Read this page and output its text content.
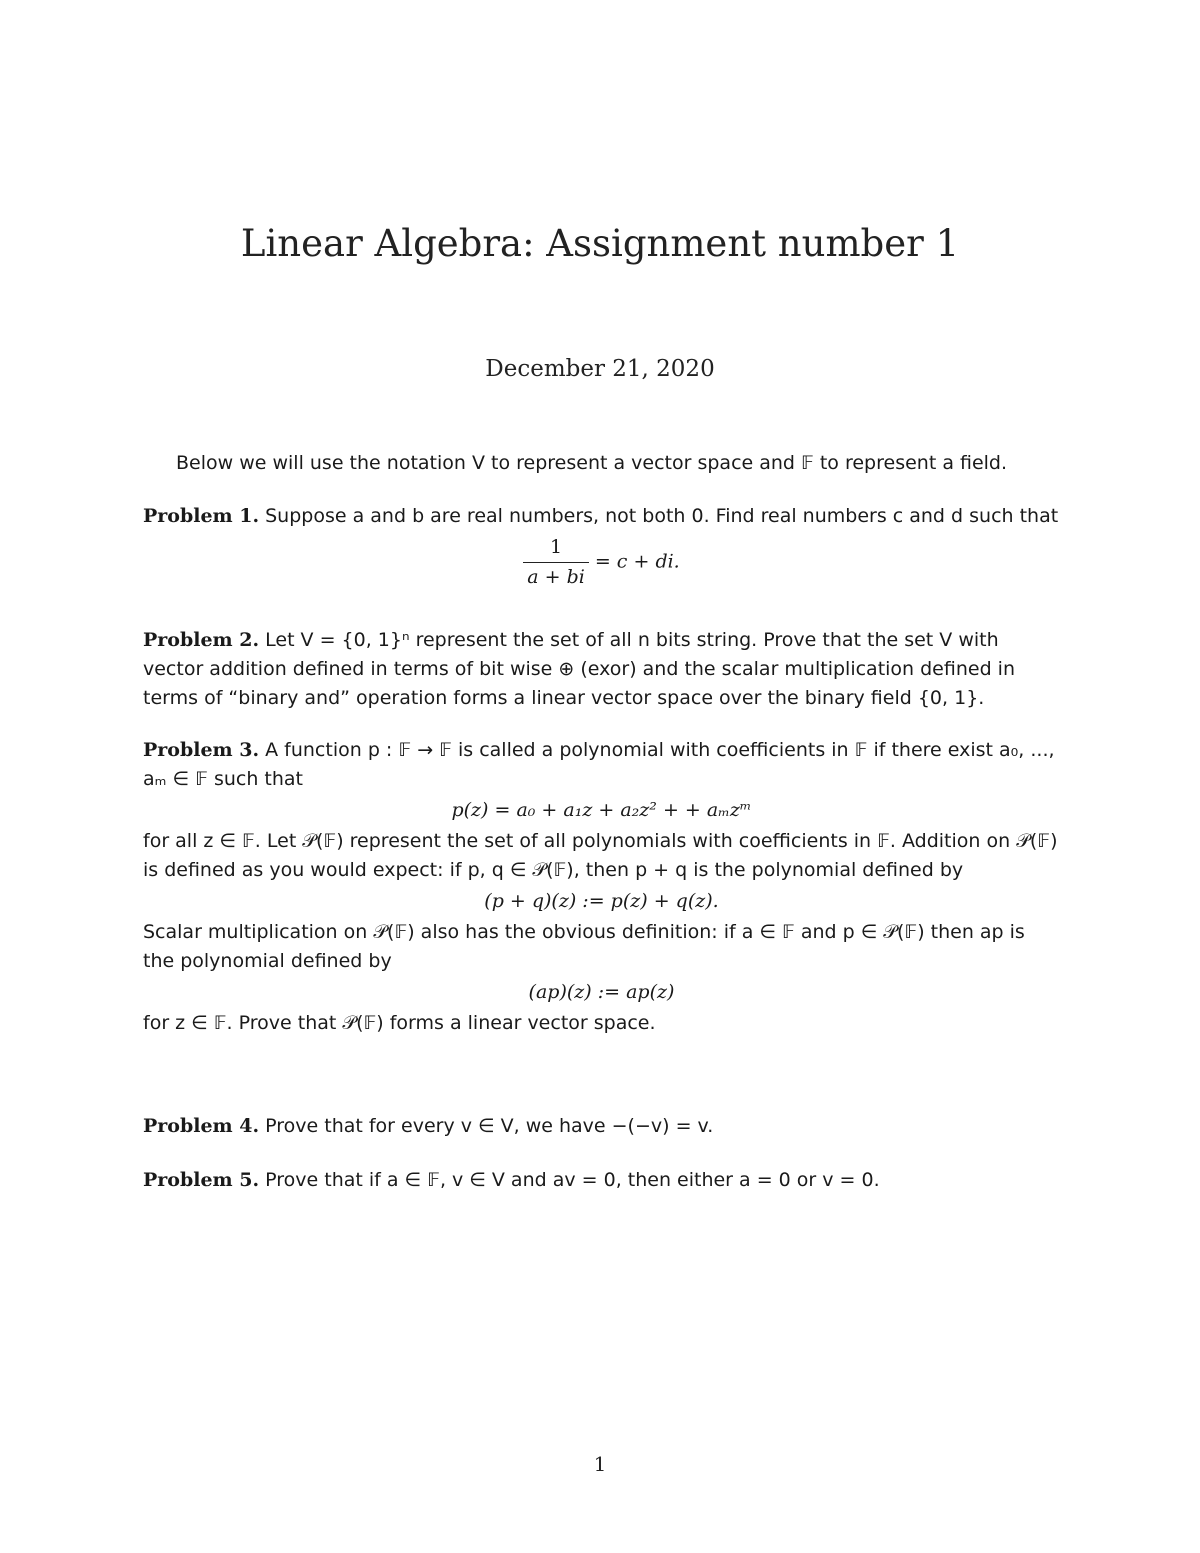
Linear Algebra: Assignment number 1
December 21, 2020
Below we will use the notation V to represent a vector space and 𝔽 to represent a field.
Problem 1. Suppose a and b are real numbers, not both 0. Find real numbers c and d such that
$\frac{1}{a + bi} = c$ + di.
Problem 2. Let V = {0, 1}ⁿ represent the set of all n bits string. Prove that the set V with vector addition defined in terms of bit wise ⊕ (exor) and the scalar multiplication defined in terms of “binary and” operation forms a linear vector space over the binary field {0, 1}.
Problem 3. A function p : 𝔽 → 𝔽 is called a polynomial with coefficients in 𝔽 if there exist a₀, ..., aₘ ∈ 𝔽 such that
p(z) = a₀ + a₁z + a₂z² + + aₘzᵐ
for all z ∈ 𝔽. Let 𝒫(𝔽) represent the set of all polynomials with coefficients in 𝔽. Addition on 𝒫(𝔽) is defined as you would expect: if p, q ∈ 𝒫(𝔽), then p + q is the polynomial defined by
(p + q)(z) := p(z) + q(z).
Scalar multiplication on 𝒫(𝔽) also has the obvious definition: if a ∈ 𝔽 and p ∈ 𝒫(𝔽) then ap is the polynomial defined by
(ap)(z) := ap(z)
for z ∈ 𝔽. Prove that 𝒫(𝔽) forms a linear vector space.
Problem 4. Prove that for every v ∈ V, we have −(−v) = v.
Problem 5. Prove that if a ∈ 𝔽, v ∈ V and av = 0, then either a = 0 or v = 0.
1
